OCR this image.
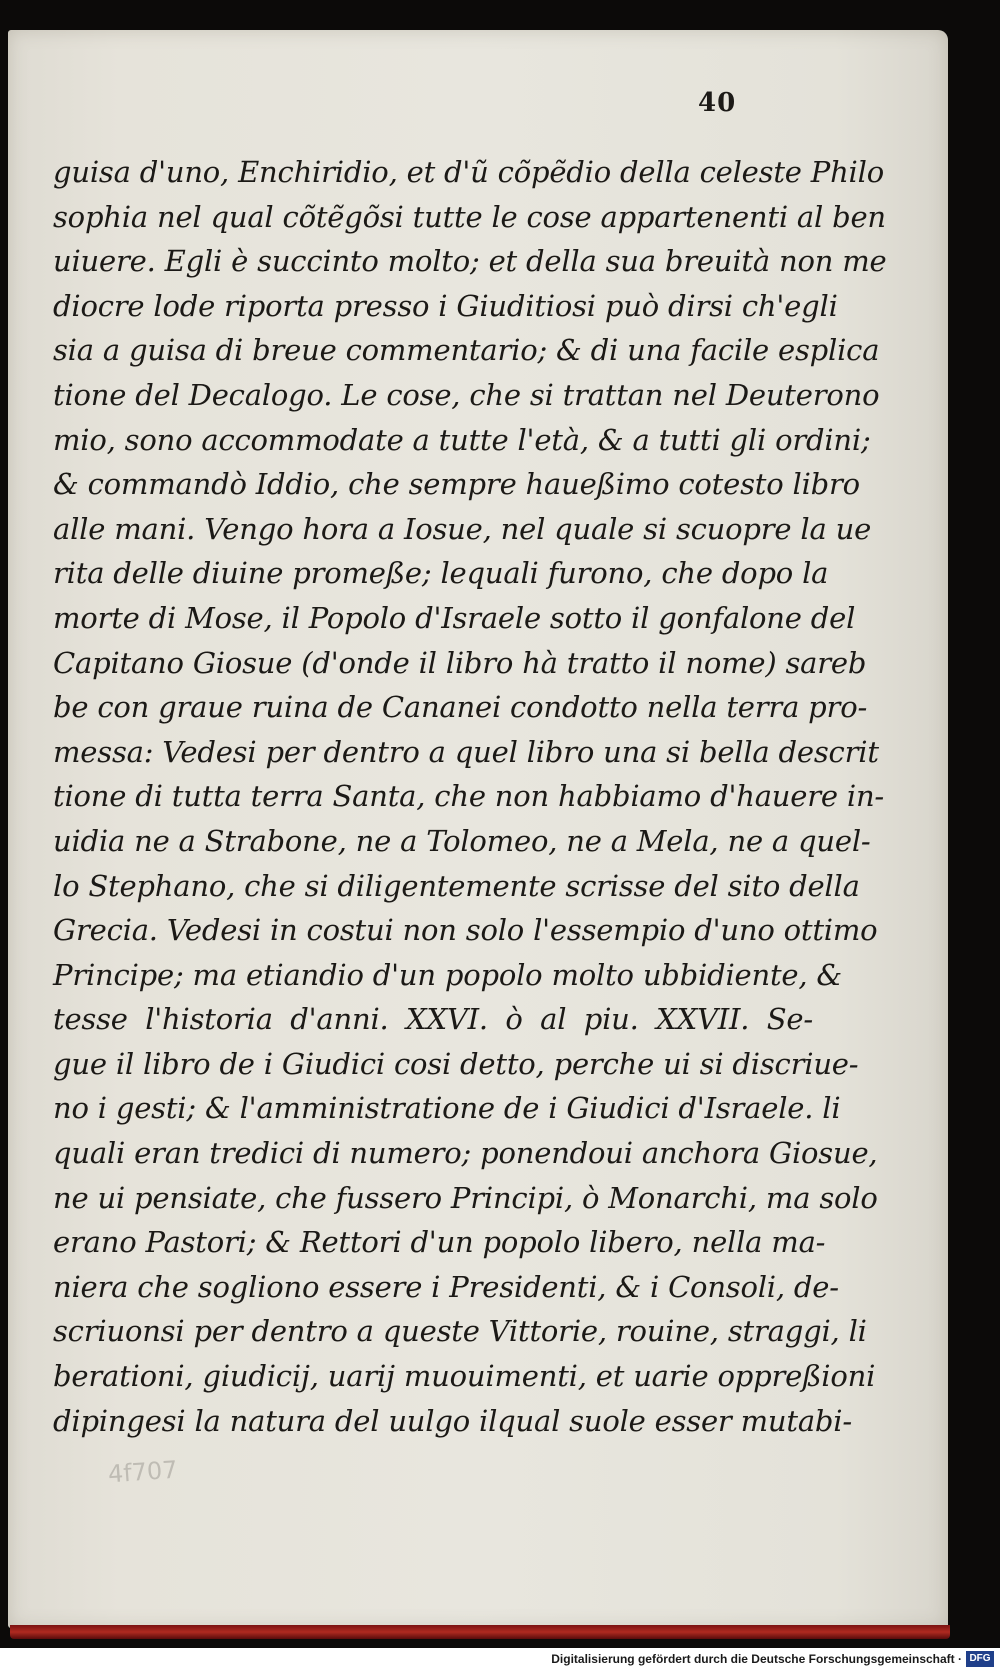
40
guisa d'uno, Enchiridio, et d'ũ cõpẽdio della celeste Philo
sophia nel qual cõtẽgõsi tutte le cose appartenenti al ben
uiuere. Egli è succinto molto; et della sua breuità non me
diocre lode riporta presso i Giuditiosi può dirsi ch'egli
sia a guisa di breue commentario; & di una facile esplica
tione del Decalogo. Le cose, che si trattan nel Deuterono
mio, sono accommodate a tutte l'età, & a tutti gli ordini;
& commandò Iddio, che sempre haueßimo cotesto libro
alle mani. Vengo hora a Iosue, nel quale si scuopre la ue
rita delle diuine promeße; lequali furono, che dopo la
morte di Mose, il Popolo d'Israele sotto il gonfalone del
Capitano Giosue (d'onde il libro hà tratto il nome) sareb
be con graue ruina de Cananei condotto nella terra pro-
messa: Vedesi per dentro a quel libro una si bella descrit
tione di tutta terra Santa, che non habbiamo d'hauere in-
uidia ne a Strabone, ne a Tolomeo, ne a Mela, ne a quel-
lo Stephano, che si diligentemente scrisse del sito della
Grecia. Vedesi in costui non solo l'essempio d'uno ottimo
Principe; ma etiandio d'un popolo molto ubbidiente, &
tesse l'historia d'anni. XXVI. ò al piu. XXVII. Se-
gue il libro de i Giudici cosi detto, perche ui si discriue-
no i gesti; & l'amministratione de i Giudici d'Israele. li
quali eran tredici di numero; ponendoui anchora Giosue,
ne ui pensiate, che fussero Principi, ò Monarchi, ma solo
erano Pastori; & Rettori d'un popolo libero, nella ma-
niera che sogliono essere i Presidenti, & i Consoli, de-
scriuonsi per dentro a queste Vittorie, rouine, straggi, li
berationi, giudicij, uarij muouimenti, et uarie oppreßioni
dipingesi la natura del uulgo ilqual suole esser mutabi-
4f707
Digitalisierung gefördert durch die Deutsche Forschungsgemeinschaft · DFG
